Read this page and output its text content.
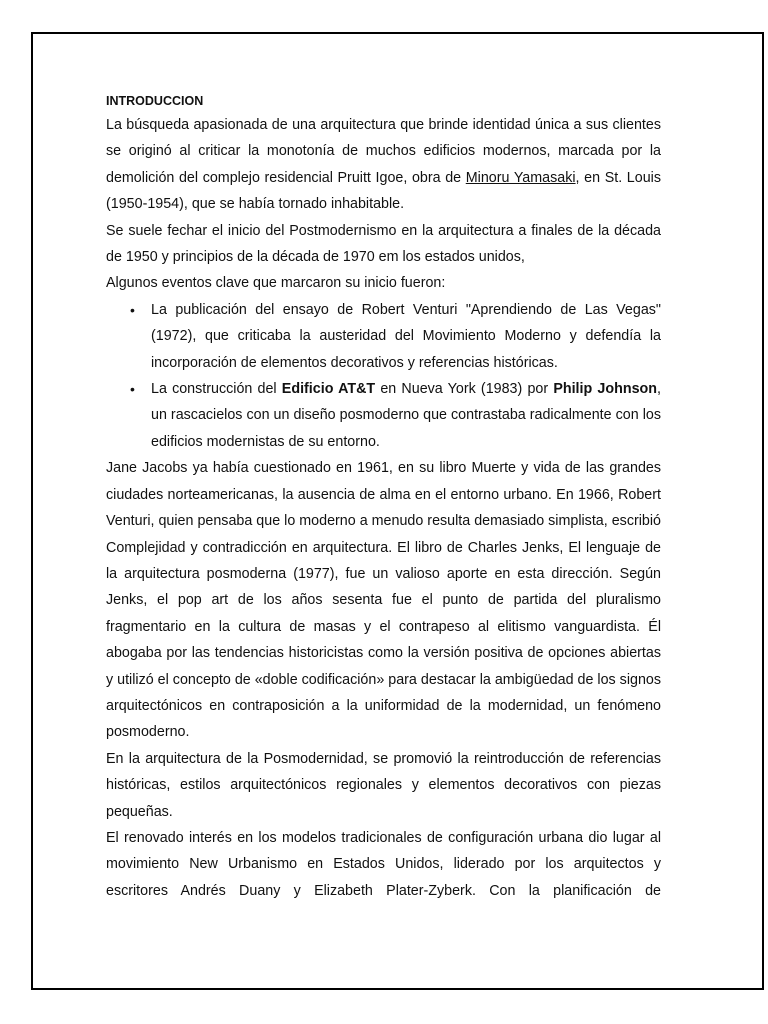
INTRODUCCION

La búsqueda apasionada de una arquitectura que brinde identidad única a sus clientes se originó al criticar la monotonía de muchos edificios modernos, marcada por la demolición del complejo residencial Pruitt Igoe, obra de Minoru Yamasaki, en St. Louis (1950-1954), que se había tornado inhabitable.

Se suele fechar el inicio del Postmodernismo en la arquitectura a finales de la década de 1950 y principios de la década de 1970 em los estados unidos,

Algunos eventos clave que marcaron su inicio fueron:

• La publicación del ensayo de Robert Venturi "Aprendiendo de Las Vegas" (1972), que criticaba la austeridad del Movimiento Moderno y defendía la incorporación de elementos decorativos y referencias históricas.
• La construcción del Edificio AT&T en Nueva York (1983) por Philip Johnson, un rascacielos con un diseño posmoderno que contrastaba radicalmente con los edificios modernistas de su entorno.

Jane Jacobs ya había cuestionado en 1961, en su libro Muerte y vida de las grandes ciudades norteamericanas, la ausencia de alma en el entorno urbano. En 1966, Robert Venturi, quien pensaba que lo moderno a menudo resulta demasiado simplista, escribió Complejidad y contradicción en arquitectura. El libro de Charles Jenks, El lenguaje de la arquitectura posmoderna (1977), fue un valioso aporte en esta dirección. Según Jenks, el pop art de los años sesenta fue el punto de partida del pluralismo fragmentario en la cultura de masas y el contrapeso al elitismo vanguardista. Él abogaba por las tendencias historicistas como la versión positiva de opciones abiertas y utilizó el concepto de «doble codificación» para destacar la ambigüedad de los signos arquitectónicos en contraposición a la uniformidad de la modernidad, un fenómeno posmoderno.

En la arquitectura de la Posmodernidad, se promovió la reintroducción de referencias históricas, estilos arquitectónicos regionales y elementos decorativos con piezas pequeñas.

El renovado interés en los modelos tradicionales de configuración urbana dio lugar al movimiento New Urbanismo en Estados Unidos, liderado por los arquitectos y escritores Andrés Duany y Elizabeth Plater-Zyberk. Con la planificación de
